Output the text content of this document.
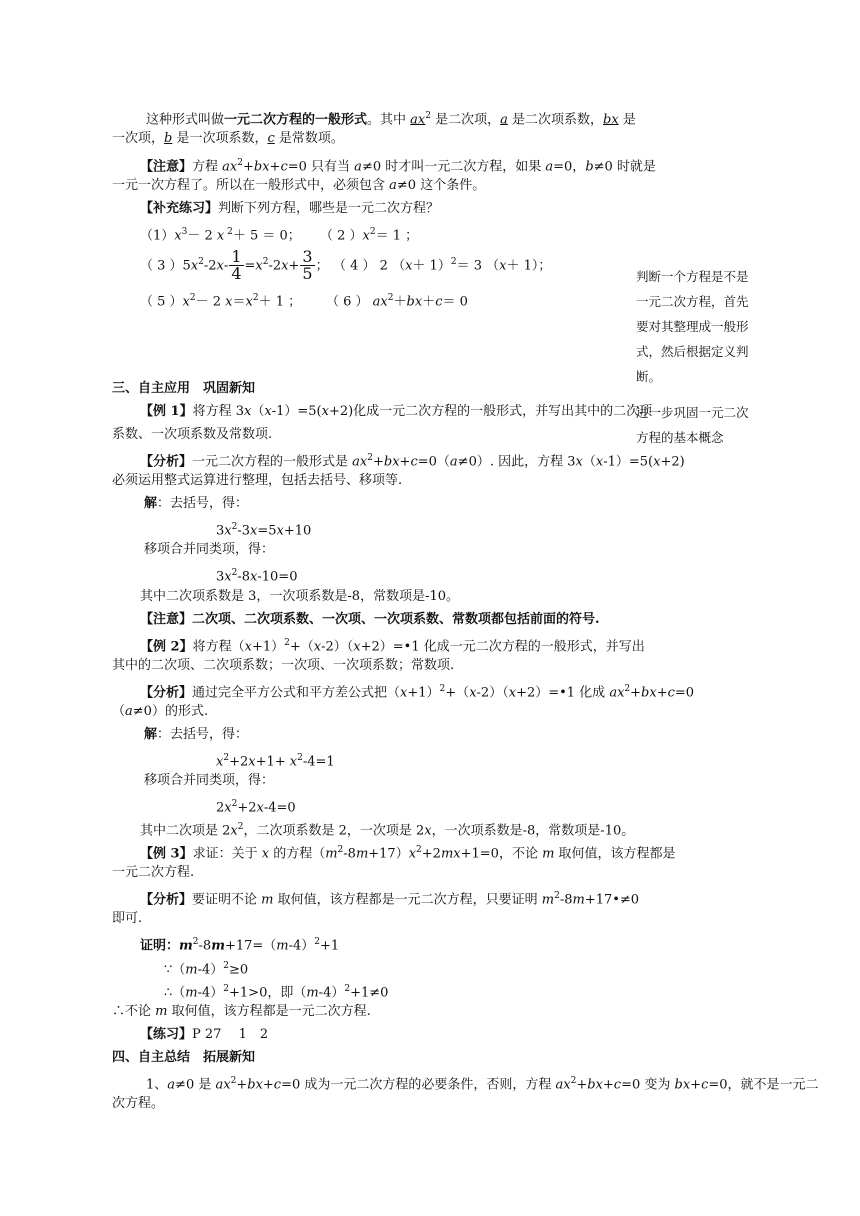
这种形式叫做一元二次方程的一般形式。其中 $ax^2$ 是二次项，a 是二次项系数，bx 是
一次项，b 是一次项系数，c 是常数项。
【注意】方程 $ax^2+bx+c=0$ 只有当 a≠0 时才叫一元二次方程，如果 a=0，b≠0 时就是
一元一次方程了。所以在一般形式中，必须包含 a≠0 这个条件。
【补充练习】判断下列方程，哪些是一元二次方程？
$(1)x^3- 2$ x $^2$＋ 5 ＝ 0； （ 2 ）$x^2= 1$ ；
（ 3 ）$5x^2-2x- \frac{1}{4} =x^2-2x+ \frac{3}{5}$ ； （ 4 ） 2 $(x+ 1)^2= 3$ （x＋ 1）；
（ 5 ）$x^2- 2$ $x=x^2+ 1$ ； （ 6 ） $ax^2+bx+c= 0$
三、自主应用　巩固新知
【例 1】将方程 3x（x-1）=5(x+2)化成一元二次方程的一般形式，并写出其中的二次项
系数、一次项系数及常数项.
【分析】一元二次方程的一般形式是 $ax^2+bx+c=0(a\ne 0)$. 因此，方程 3x（x-1）=5(x+2)
必须运用整式运算进行整理，包括去括号、移项等.
解：去括号，得：
$3x^2-3x=5x+10$
移项合并同类项，得：
$3x^2-8x-10=0$
其中二次项系数是 3，一次项系数是-8，常数项是-10。
【注意】二次项、二次项系数、一次项、一次项系数、常数项都包括前面的符号.
【例 2】将方程$(x+1)^2+(x-2)(x+2)=•1$ 化成一元二次方程的一般形式，并写出
其中的二次项、二次项系数；一次项、一次项系数；常数项.
【分析】通过完全平方公式和平方差公式把$(x+1)^2+(x-2)(x+2)=•1$ 化成 $ax^2+bx+c=0$
（a≠0）的形式.
解：去括号，得：
$x^2+2x+1+ x^2-4=1$
移项合并同类项，得：
$2x^2+2x-4=0$
其中二次项是 $2x^2$，二次项系数是 2，一次项是 2x，一次项系数是-8，常数项是-10。
【例 3】求证：关于 x 的方程$(m^2-8m+17)x^2+2mx+1=0$，不论 m 取何值，该方程都是
一元二次方程.
【分析】要证明不论 m 取何值，该方程都是一元二次方程，只要证明 $m^2-8m+17•\ne 0$
即可.
证明：$m^2-8m+17=(m-4)^2+1$
$\because(m-4)^2\ge 0$
$\therefore(m-4)^2+1>0$，即$(m-4)^2+1\ne 0$
∴不论 m 取何值，该方程都是一元二次方程.
【练习】P 27　 1　2
四、自主总结　拓展新知
1、a≠0 是 $ax^2+bx+c=0$ 成为一元二次方程的必要条件，否则，方程 $ax^2+bx+c=0$ 变为 bx+c=0，就不是一元二
次方程。
判断一个方程是不是一元二次方程，首先要对其整理成一般形式，然后根据定义判断。
进一步巩固一元二次方程的基本概念
